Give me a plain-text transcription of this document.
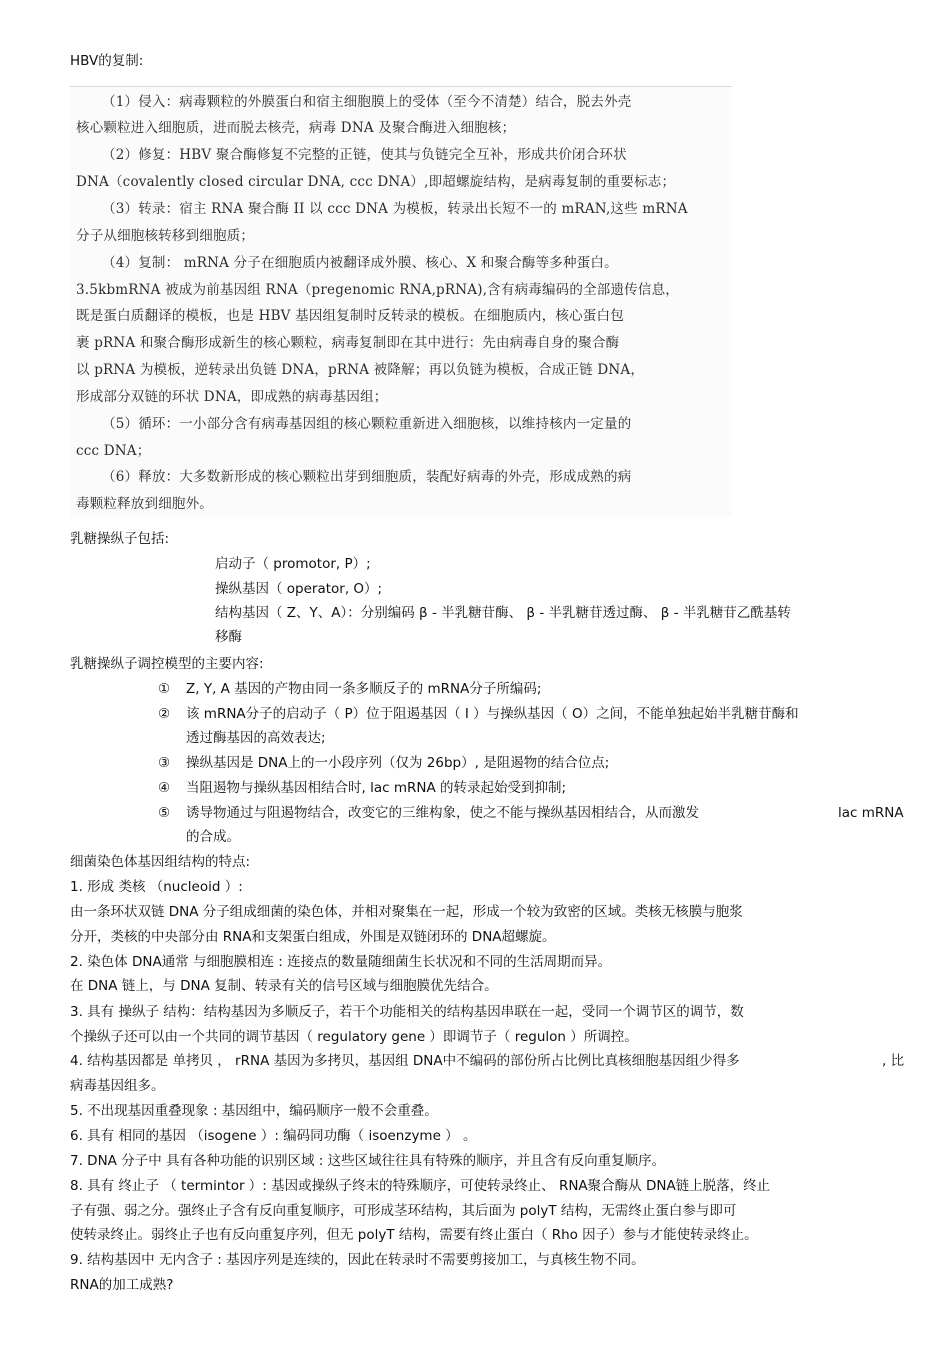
HBV的复制:
（1）侵入：病毒颗粒的外膜蛋白和宿主细胞膜上的受体（至今不清楚）结合，脱去外壳
核心颗粒进入细胞质，进而脱去核壳，病毒 DNA 及聚合酶进入细胞核；
（2）修复：HBV 聚合酶修复不完整的正链，使其与负链完全互补，形成共价闭合环状
DNA（covalently closed circular DNA, ccc DNA）,即超螺旋结构，是病毒复制的重要标志；
（3）转录：宿主 RNA 聚合酶 II 以 ccc DNA 为模板，转录出长短不一的 mRAN,这些 mRNA
分子从细胞核转移到细胞质；
（4）复制： mRNA 分子在细胞质内被翻译成外膜、核心、X 和聚合酶等多种蛋白。
3.5kbmRNA 被成为前基因组 RNA（pregenomic RNA,pRNA),含有病毒编码的全部遗传信息，
既是蛋白质翻译的模板，也是 HBV 基因组复制时反转录的模板。在细胞质内，核心蛋白包
裹 pRNA 和聚合酶形成新生的核心颗粒，病毒复制即在其中进行：先由病毒自身的聚合酶
以 pRNA 为模板，逆转录出负链 DNA，pRNA 被降解；再以负链为模板，合成正链 DNA，
形成部分双链的环状 DNA，即成熟的病毒基因组；
（5）循环：一小部分含有病毒基因组的核心颗粒重新进入细胞核，以维持核内一定量的
ccc DNA；
（6）释放：大多数新形成的核心颗粒出芽到细胞质，装配好病毒的外壳，形成成熟的病
毒颗粒释放到细胞外。
乳糖操纵子包括:
启动子（ promotor, P）;
操纵基因（ operator, O）;
结构基因（ Z、Y、A）：分别编码 β - 半乳糖苷酶、 β - 半乳糖苷透过酶、 β - 半乳糖苷乙酰基转
移酶
乳糖操纵子调控模型的主要内容:
① Z, Y, A 基因的产物由同一条多顺反子的 mRNA分子所编码;
② 该 mRNA分子的启动子（ P）位于阻遏基因（ I ）与操纵基因（ O）之间，不能单独起始半乳糖苷酶和
透过酶基因的高效表达;
③ 操纵基因是 DNA上的一小段序列（仅为 26bp）, 是阻遏物的结合位点;
④ 当阻遏物与操纵基因相结合时, lac mRNA 的转录起始受到抑制;
⑤ 诱导物通过与阻遏物结合，改变它的三维构象，使之不能与操纵基因相结合，从而激发	lac mRNA
的合成。
细菌染色体基因组结构的特点:
1. 形成 类核 （nucleoid ）:
由一条环状双链 DNA 分子组成细菌的染色体，并相对聚集在一起，形成一个较为致密的区域。类核无核膜与胞浆
分开，类核的中央部分由 RNA和支架蛋白组成，外围是双链闭环的 DNA超螺旋。
2. 染色体 DNA通常 与细胞膜相连 : 连接点的数量随细菌生长状况和不同的生活周期而异。
在 DNA 链上，与 DNA 复制、转录有关的信号区域与细胞膜优先结合。
3. 具有 操纵子 结构：结构基因为多顺反子，若干个功能相关的结构基因串联在一起，受同一个调节区的调节，数
个操纵子还可以由一个共同的调节基因（ regulatory gene ）即调节子（ regulon ）所调控。
4. 结构基因都是 单拷贝 ， rRNA 基因为多拷贝，基因组 DNA中不编码的部份所占比例比真核细胞基因组少得多	, 比
病毒基因组多。
5. 不出现基因重叠现象 : 基因组中，编码顺序一般不会重叠。
6. 具有 相同的基因 （isogene ）: 编码同功酶（ isoenzyme ） 。
7. DNA 分子中 具有各种功能的识别区域 : 这些区域往往具有特殊的顺序，并且含有反向重复顺序。
8. 具有 终止子 （ termintor ）: 基因或操纵子终末的特殊顺序，可使转录终止、 RNA聚合酶从 DNA链上脱落，终止
子有强、弱之分。强终止子含有反向重复顺序，可形成茎环结构，其后面为 polyT 结构，无需终止蛋白参与即可
使转录终止。弱终止子也有反向重复序列，但无 polyT 结构，需要有终止蛋白（ Rho 因子）参与才能使转录终止。
9. 结构基因中 无内含子 : 基因序列是连续的，因此在转录时不需要剪接加工，与真核生物不同。
RNA的加工成熟?
